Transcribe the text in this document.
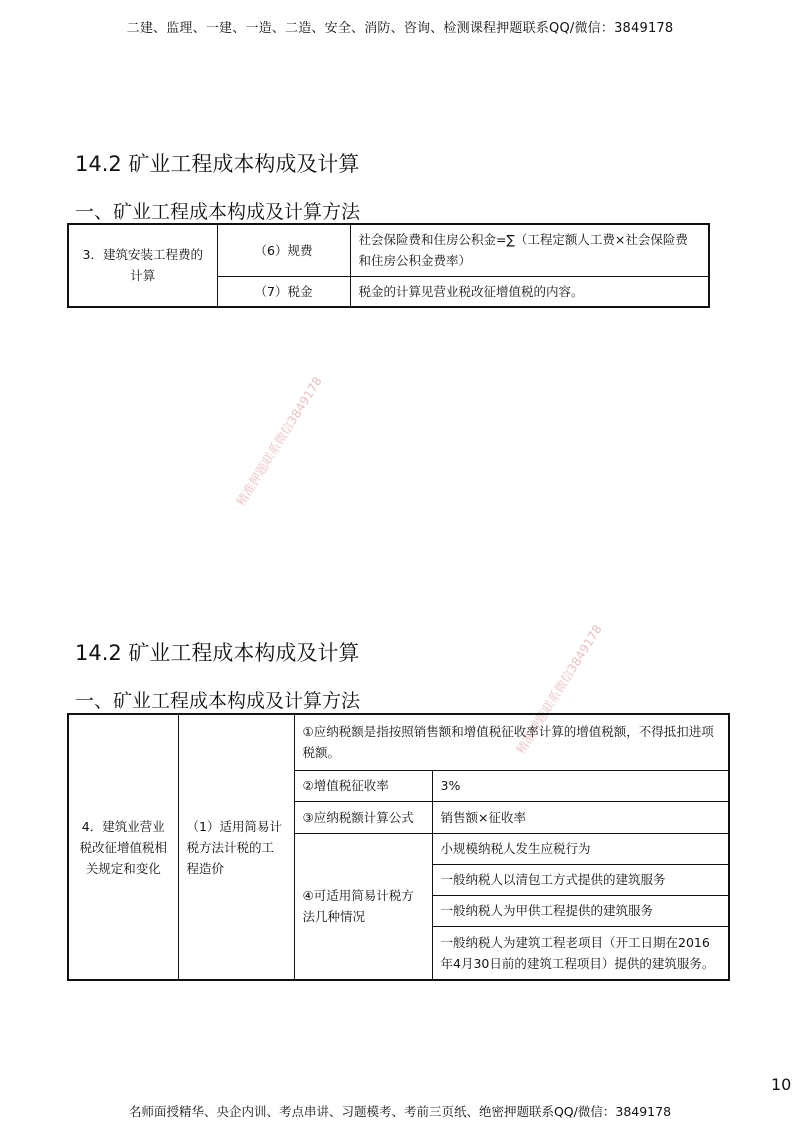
二建、监理、一建、一造、二造、安全、消防、咨询、检测课程押题联系QQ/微信：3849178
14.2 矿业工程成本构成及计算
一、矿业工程成本构成及计算方法
3．建筑安装工程费的计算	（6）规费	社会保险费和住房公积金=∑（工程定额人工费×社会保险费和住房公积金费率）
	（7）税金	税金的计算见营业税改征增值税的内容。
精准押题联系微信3849178
精准押题联系微信3849178
14.2 矿业工程成本构成及计算
一、矿业工程成本构成及计算方法
4．建筑业营业税改征增值税相关规定和变化	（1）适用简易计税方法计税的工程造价	①应纳税额是指按照销售额和增值税征收率计算的增值税额，不得抵扣进项税额。	
		②增值税征收率	3%
		③应纳税额计算公式	销售额×征收率
		④可适用简易计税方法几种情况	小规模纳税人发生应税行为
			一般纳税人以清包工方式提供的建筑服务
			一般纳税人为甲供工程提供的建筑服务
			一般纳税人为建筑工程老项目（开工日期在2016年4月30日前的建筑工程项目）提供的建筑服务。
10
名师面授精华、央企内训、考点串讲、习题模考、考前三页纸、绝密押题联系QQ/微信：3849178
